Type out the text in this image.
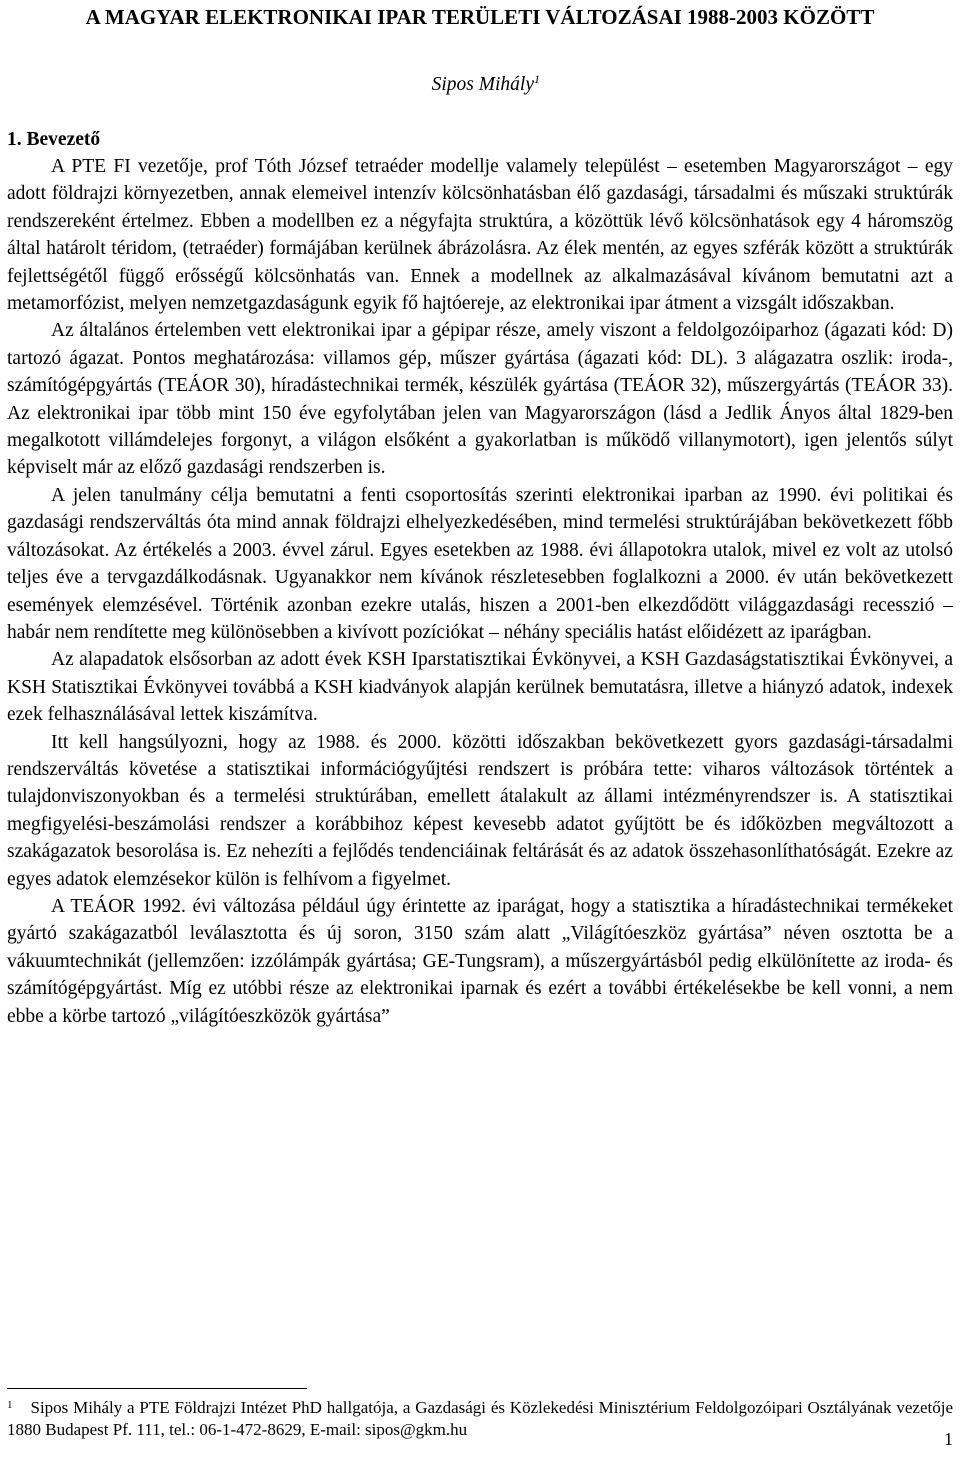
A MAGYAR ELEKTRONIKAI IPAR TERÜLETI VÁLTOZÁSAI 1988-2003 KÖZÖTT
Sipos Mihály$^1$
1. Bevezető

A PTE FI vezetője, prof Tóth József tetraéder modellje valamely települést – esetemben Magyarországot – egy adott földrajzi környezetben, annak elemeivel intenzív kölcsönhatásban élő gazdasági, társadalmi és műszaki struktúrák rendszereként értelmez. Ebben a modellben ez a négyfajta struktúra, a közöttük lévő kölcsönhatások egy 4 háromszög által határolt téridom, (tetraéder) formájában kerülnek ábrázolásra. Az élek mentén, az egyes szférák között a struktúrák fejlettségétől függő erősségű kölcsönhatás van. Ennek a modellnek az alkalmazásával kívánom bemutatni azt a metamorfózist, melyen nemzetgazdaságunk egyik fő hajtóereje, az elektronikai ipar átment a vizsgált időszakban.

Az általános értelemben vett elektronikai ipar a gépipar része, amely viszont a feldolgozóiparhoz (ágazati kód: D) tartozó ágazat. Pontos meghatározása: villamos gép, műszer gyártása (ágazati kód: DL). 3 alágazatra oszlik: iroda-, számítógépgyártás (TEÁOR 30), híradástechnikai termék, készülék gyártása (TEÁOR 32), műszergyártás (TEÁOR 33). Az elektronikai ipar több mint 150 éve egyfolytában jelen van Magyarországon (lásd a Jedlik Ányos által 1829-ben megalkotott villámdelejes forgonyt, a világon elsőként a gyakorlatban is működő villanymotort), igen jelentős súlyt képviselt már az előző gazdasági rendszerben is.

A jelen tanulmány célja bemutatni a fenti csoportosítás szerinti elektronikai iparban az 1990. évi politikai és gazdasági rendszerváltás óta mind annak földrajzi elhelyezkedésében, mind termelési struktúrájában bekövetkezett főbb változásokat. Az értékelés a 2003. évvel zárul. Egyes esetekben az 1988. évi állapotokra utalok, mivel ez volt az utolsó teljes éve a tervgazdálkodásnak. Ugyanakkor nem kívánok részletesebben foglalkozni a 2000. év után bekövetkezett események elemzésével. Történik azonban ezekre utalás, hiszen a 2001-ben elkezdődött világgazdasági recesszió – habár nem rendítette meg különösebben a kivívott pozíciókat – néhány speciális hatást előidézett az iparágban.

Az alapadatok elsősorban az adott évek KSH Iparstatisztikai Évkönyvei, a KSH Gazdaságstatisztikai Évkönyvei, a KSH Statisztikai Évkönyvei továbbá a KSH kiadványok alapján kerülnek bemutatásra, illetve a hiányzó adatok, indexek ezek felhasználásával lettek kiszámítva.

Itt kell hangsúlyozni, hogy az 1988. és 2000. közötti időszakban bekövetkezett gyors gazdasági-társadalmi rendszerváltás követése a statisztikai információgyűjtési rendszert is próbára tette: viharos változások történtek a tulajdonviszonyokban és a termelési struktúrában, emellett átalakult az állami intézményrendszer is. A statisztikai megfigyelési-beszámolási rendszer a korábbihoz képest kevesebb adatot gyűjtött be és időközben megváltozott a szakágazatok besorolása is. Ez nehezíti a fejlődés tendenciáinak feltárását és az adatok összehasonlíthatóságát. Ezekre az egyes adatok elemzésekor külön is felhívom a figyelmet.

A TEÁOR 1992. évi változása például úgy érintette az iparágat, hogy a statisztika a híradástechnikai termékeket gyártó szakágazatból leválasztotta és új soron, 3150 szám alatt „Világítóeszköz gyártása” néven osztotta be a vákuumtechnikát (jellemzően: izzólámpák gyártása; GE-Tungsram), a műszergyártásból pedig elkülönítette az iroda- és számítógépgyártást. Míg ez utóbbi része az elektronikai iparnak és ezért a további értékelésekbe be kell vonni, a nem ebbe a körbe tartozó „világítóeszközök gyártása”

$^1$ Sipos Mihály a PTE Földrajzi Intézet PhD hallgatója, a Gazdasági és Közlekedési Minisztérium Feldolgozóipari Osztályának vezetője 1880 Budapest Pf. 111, tel.: 06-1-472-8629, E-mail: sipos@gkm.hu	1
